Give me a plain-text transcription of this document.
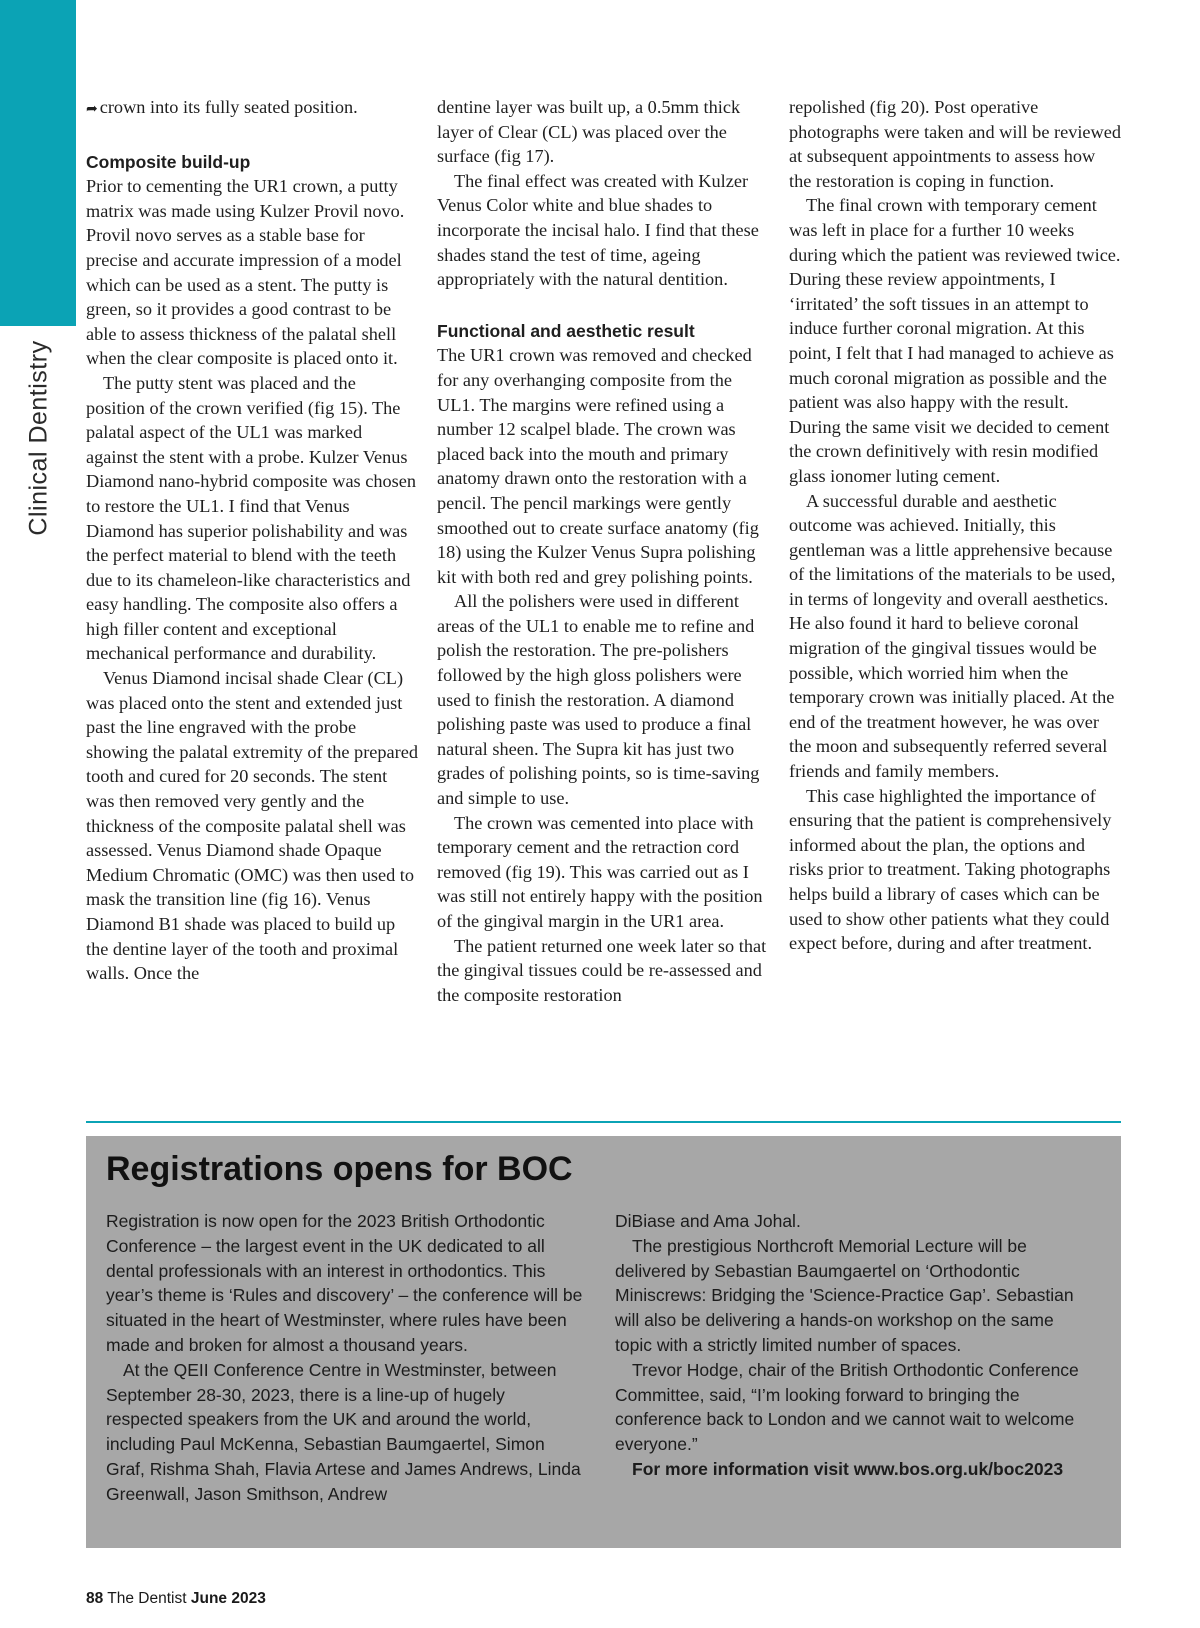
Clinical Dentistry

➦ crown into its fully seated position.

Composite build-up

Prior to cementing the UR1 crown, a putty matrix was made using Kulzer Provil novo. Provil novo serves as a stable base for precise and accurate impression of a model which can be used as a stent. The putty is green, so it provides a good contrast to be able to assess thickness of the palatal shell when the clear composite is placed onto it.

The putty stent was placed and the position of the crown verified (fig 15). The palatal aspect of the UL1 was marked against the stent with a probe. Kulzer Venus Diamond nano-hybrid composite was chosen to restore the UL1. I find that Venus Diamond has superior polishability and was the perfect material to blend with the teeth due to its chameleon-like characteristics and easy handling. The composite also offers a high filler content and exceptional mechanical performance and durability.

Venus Diamond incisal shade Clear (CL) was placed onto the stent and extended just past the line engraved with the probe showing the palatal extremity of the prepared tooth and cured for 20 seconds. The stent was then removed very gently and the thickness of the composite palatal shell was assessed. Venus Diamond shade Opaque Medium Chromatic (OMC) was then used to mask the transition line (fig 16). Venus Diamond B1 shade was placed to build up the dentine layer of the tooth and proximal walls. Once the

dentine layer was built up, a 0.5mm thick layer of Clear (CL) was placed over the surface (fig 17).

The final effect was created with Kulzer Venus Color white and blue shades to incorporate the incisal halo. I find that these shades stand the test of time, ageing appropriately with the natural dentition.

Functional and aesthetic result

The UR1 crown was removed and checked for any overhanging composite from the UL1. The margins were refined using a number 12 scalpel blade. The crown was placed back into the mouth and primary anatomy drawn onto the restoration with a pencil. The pencil markings were gently smoothed out to create surface anatomy (fig 18) using the Kulzer Venus Supra polishing kit with both red and grey polishing points.

All the polishers were used in different areas of the UL1 to enable me to refine and polish the restoration. The pre-polishers followed by the high gloss polishers were used to finish the restoration. A diamond polishing paste was used to produce a final natural sheen. The Supra kit has just two grades of polishing points, so is time-saving and simple to use.

The crown was cemented into place with temporary cement and the retraction cord removed (fig 19). This was carried out as I was still not entirely happy with the position of the gingival margin in the UR1 area.

The patient returned one week later so that the gingival tissues could be re-assessed and the composite restoration

repolished (fig 20). Post operative photographs were taken and will be reviewed at subsequent appointments to assess how the restoration is coping in function.

The final crown with temporary cement was left in place for a further 10 weeks during which the patient was reviewed twice. During these review appointments, I ‘irritated’ the soft tissues in an attempt to induce further coronal migration. At this point, I felt that I had managed to achieve as much coronal migration as possible and the patient was also happy with the result. During the same visit we decided to cement the crown definitively with resin modified glass ionomer luting cement.

A successful durable and aesthetic outcome was achieved. Initially, this gentleman was a little apprehensive because of the limitations of the materials to be used, in terms of longevity and overall aesthetics. He also found it hard to believe coronal migration of the gingival tissues would be possible, which worried him when the temporary crown was initially placed. At the end of the treatment however, he was over the moon and subsequently referred several friends and family members.

This case highlighted the importance of ensuring that the patient is comprehensively informed about the plan, the options and risks prior to treatment. Taking photographs helps build a library of cases which can be used to show other patients what they could expect before, during and after treatment.

Registrations opens for BOC

Registration is now open for the 2023 British Orthodontic Conference – the largest event in the UK dedicated to all dental professionals with an interest in orthodontics. This year’s theme is ‘Rules and discovery’ – the conference will be situated in the heart of Westminster, where rules have been made and broken for almost a thousand years.

At the QEII Conference Centre in Westminster, between September 28-30, 2023, there is a line-up of hugely respected speakers from the UK and around the world, including Paul McKenna, Sebastian Baumgaertel, Simon Graf, Rishma Shah, Flavia Artese and James Andrews, Linda Greenwall, Jason Smithson, Andrew

DiBiase and Ama Johal.

The prestigious Northcroft Memorial Lecture will be delivered by Sebastian Baumgaertel on ‘Orthodontic Miniscrews: Bridging the 'Science-Practice Gap’. Sebastian will also be delivering a hands-on workshop on the same topic with a strictly limited number of spaces.

Trevor Hodge, chair of the British Orthodontic Conference Committee, said, “I’m looking forward to bringing the conference back to London and we cannot wait to welcome everyone.”

For more information visit www.bos.org.uk/boc2023

88 The Dentist June 2023
